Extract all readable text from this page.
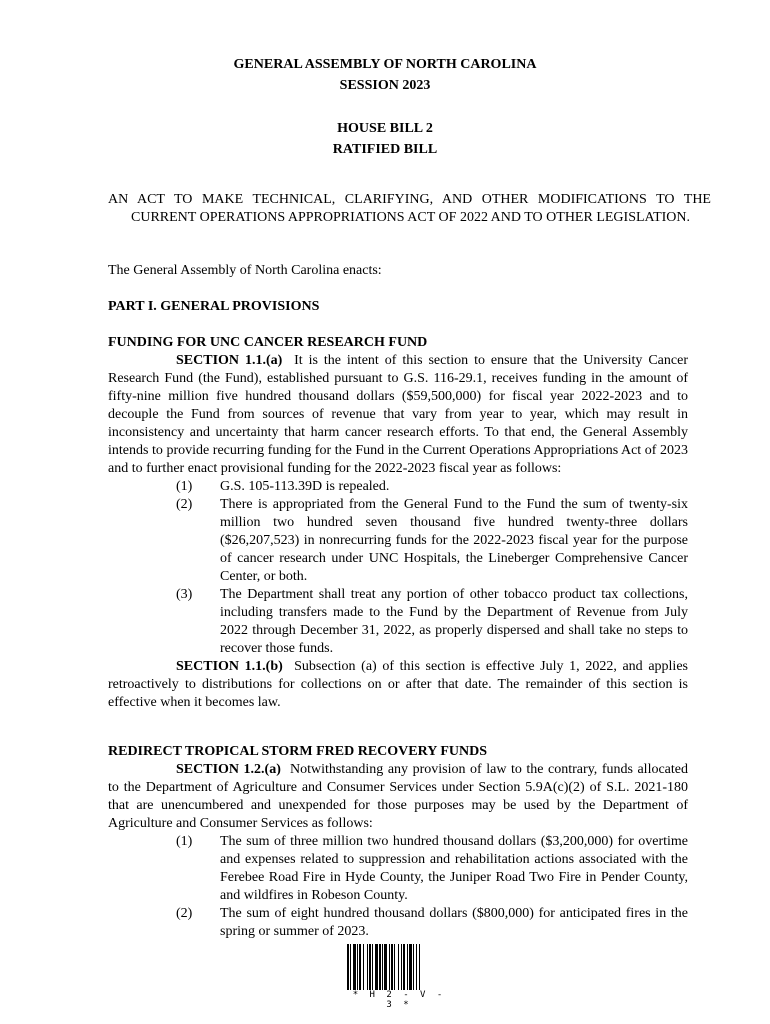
GENERAL ASSEMBLY OF NORTH CAROLINA
SESSION 2023
HOUSE BILL 2
RATIFIED BILL
AN ACT TO MAKE TECHNICAL, CLARIFYING, AND OTHER MODIFICATIONS TO THE CURRENT OPERATIONS APPROPRIATIONS ACT OF 2022 AND TO OTHER LEGISLATION.
The General Assembly of North Carolina enacts:
PART I. GENERAL PROVISIONS

FUNDING FOR UNC CANCER RESEARCH FUND

SECTION 1.1.(a) It is the intent of this section to ensure that the University Cancer Research Fund (the Fund), established pursuant to G.S. 116-29.1, receives funding in the amount of fifty-nine million five hundred thousand dollars ($59,500,000) for fiscal year 2022-2023 and to decouple the Fund from sources of revenue that vary from year to year, which may result in inconsistency and uncertainty that harm cancer research efforts. To that end, the General Assembly intends to provide recurring funding for the Fund in the Current Operations Appropriations Act of 2023 and to further enact provisional funding for the 2022-2023 fiscal year as follows:

(1)	G.S. 105-113.39D is repealed.
(2)	There is appropriated from the General Fund to the Fund the sum of twenty-six million two hundred seven thousand five hundred twenty-three dollars ($26,207,523) in nonrecurring funds for the 2022-2023 fiscal year for the purpose of cancer research under UNC Hospitals, the Lineberger Comprehensive Cancer Center, or both.
(3)	The Department shall treat any portion of other tobacco product tax collections, including transfers made to the Fund by the Department of Revenue from July 2022 through December 31, 2022, as properly dispersed and shall take no steps to recover those funds.

SECTION 1.1.(b) Subsection (a) of this section is effective July 1, 2022, and applies retroactively to distributions for collections on or after that date. The remainder of this section is effective when it becomes law.

REDIRECT TROPICAL STORM FRED RECOVERY FUNDS

SECTION 1.2.(a) Notwithstanding any provision of law to the contrary, funds allocated to the Department of Agriculture and Consumer Services under Section 5.9A(c)(2) of S.L. 2021-180 that are unencumbered and unexpended for those purposes may be used by the Department of Agriculture and Consumer Services as follows:

(1)	The sum of three million two hundred thousand dollars ($3,200,000) for overtime and expenses related to suppression and rehabilitation actions associated with the Ferebee Road Fire in Hyde County, the Juniper Road Two Fire in Pender County, and wildfires in Robeson County.
(2)	The sum of eight hundred thousand dollars ($800,000) for anticipated fires in the spring or summer of 2023.
* H 2 - V - 3 *
